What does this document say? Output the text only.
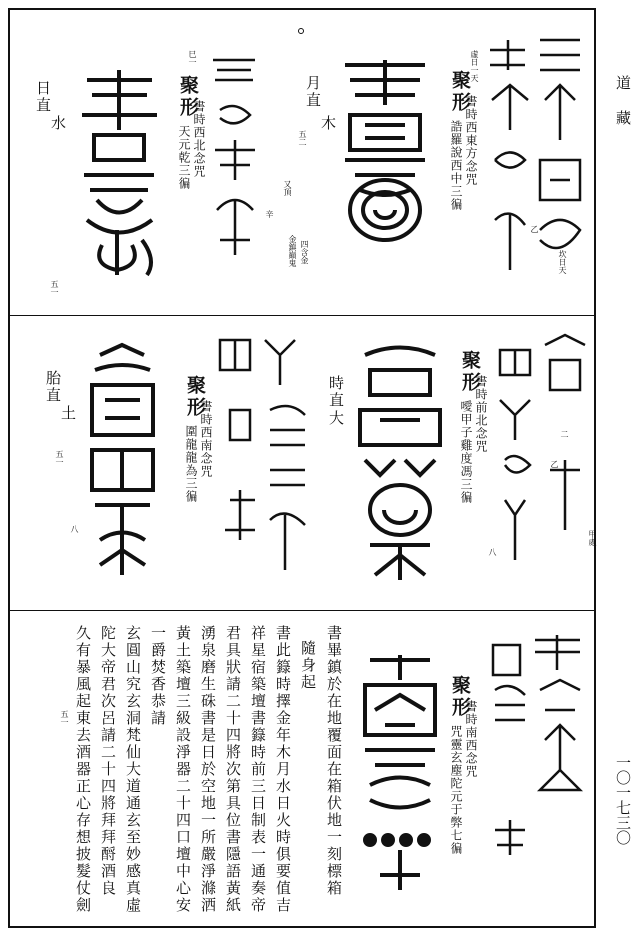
日直
水
巳一
聚形
書時西北念咒
天元乾三徧
月直
木
聚形
書時西東方念咒
誥羅說西中三徧
虛日一天
坎日天
四含金
金鎮巔鬼
又頂
辛
乙
五一
五二
胎直
土
五一
八
聚形
書時西南念咒
圍龍龍為三徧
時直
大
聚形
書時前北念咒
噯甲子雞度馮三徧
甲處
二
乙
八
久有暴風起東去酒器正心存想披髮仗劍 陀大帝君次呂請二十四將拜拜酹酒良 玄圓山究玄洞梵仙大道通玄至妙感真虛 一爵焚香恭請 黃土築壇三級設淨器二十四口壇中心安 湧泉磨生硃書是日於空地一所嚴淨滌洒 君具狀請二十四將次第具位書隱語黃紙 祥星宿築壇書籙時前三日制表一通奏帝 書此籙時擇金年木月水日火時俱要值吉 隨身起 書畢鎮於在地覆面在箱伏地一刻標箱
五一	聚形
書時南西念咒
咒靈玄塵陀元于弊七徧
道藏
一〇一七三〇
